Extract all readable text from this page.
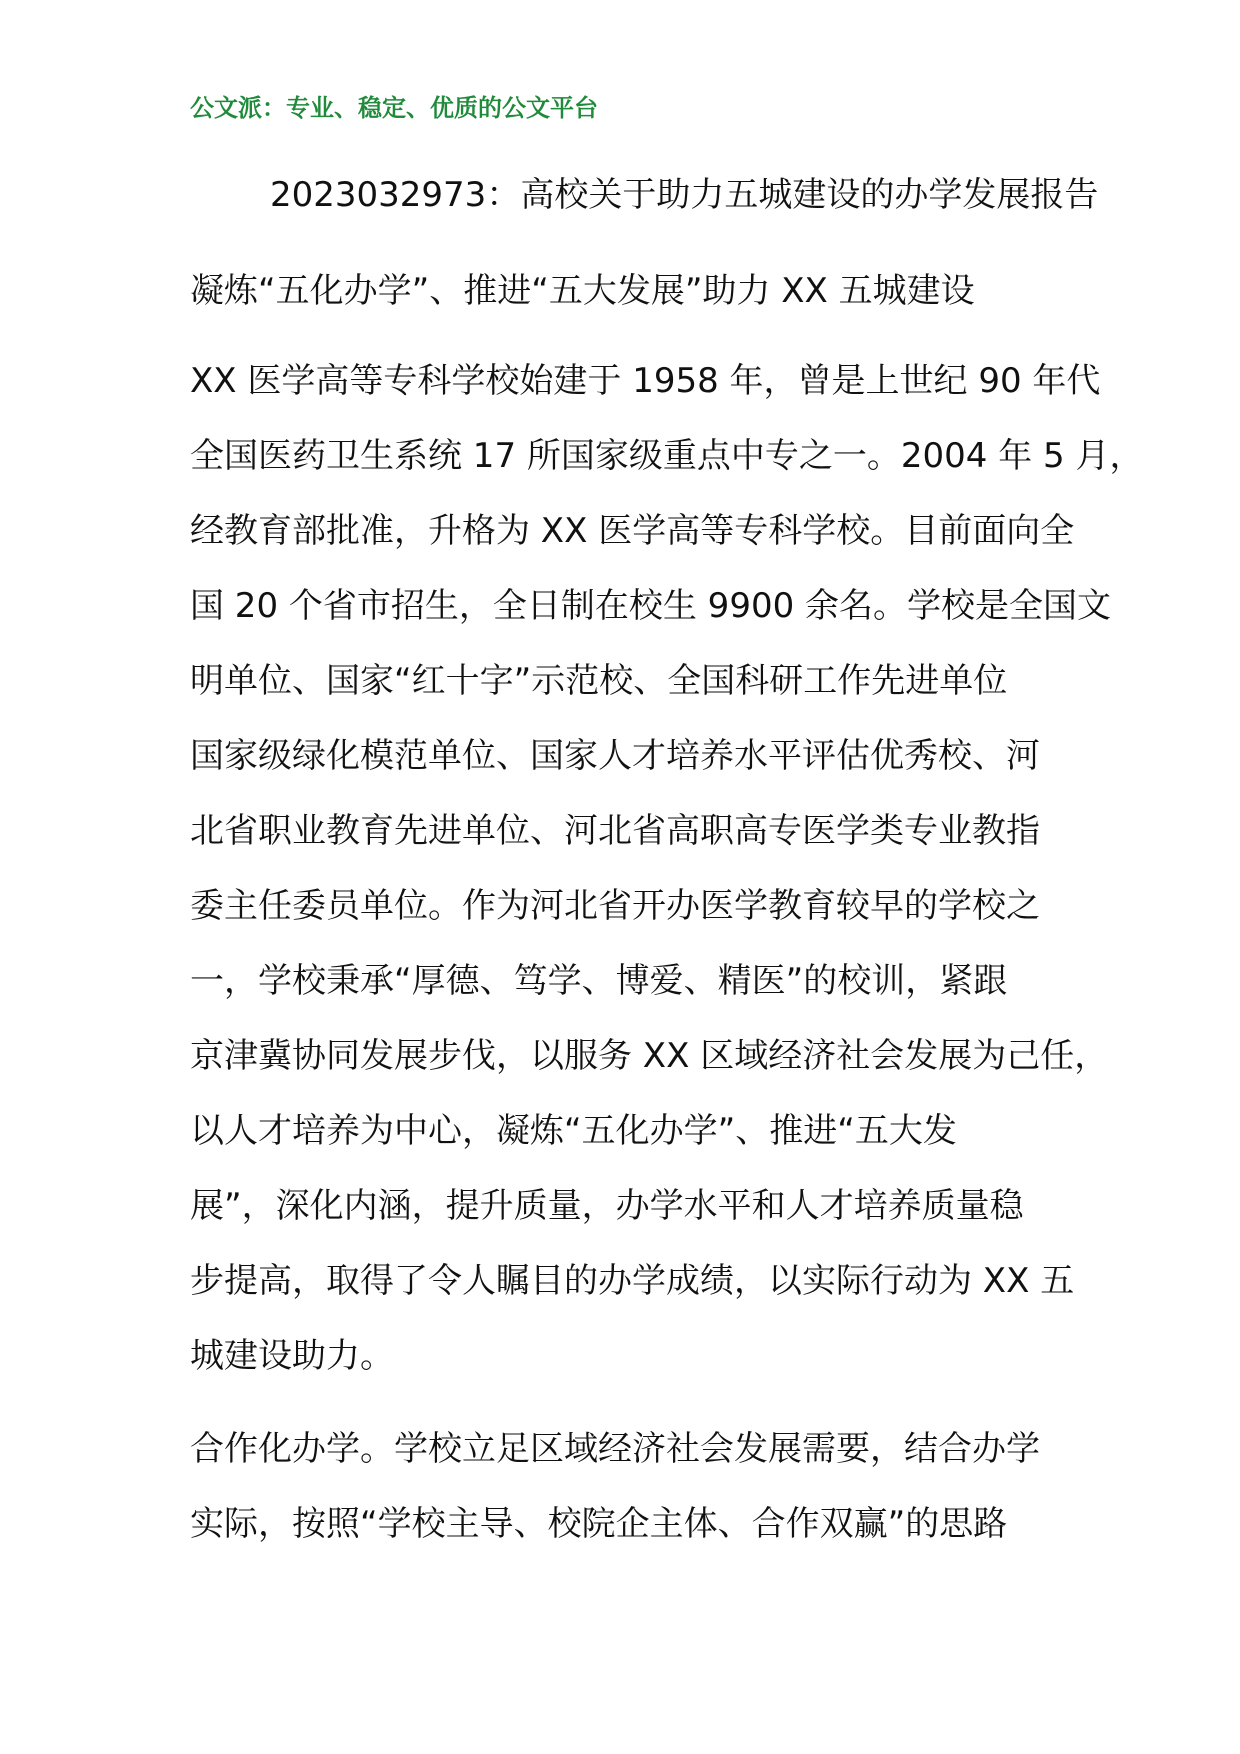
公文派：专业、稳定、优质的公文平台
2023032973：高校关于助力五城建设的办学发展报告
凝炼“五化办学”、推进“五大发展”助力 XX 五城建设
XX 医学高等专科学校始建于 1958 年，曾是上世纪 90 年代
全国医药卫生系统 17 所国家级重点中专之一。2004 年 5 月，
经教育部批准，升格为 XX 医学高等专科学校。目前面向全
国 20 个省市招生，全日制在校生 9900 余名。学校是全国文
明单位、国家“红十字”示范校、全国科研工作先进单位
国家级绿化模范单位、国家人才培养水平评估优秀校、河
北省职业教育先进单位、河北省高职高专医学类专业教指
委主任委员单位。作为河北省开办医学教育较早的学校之
一，学校秉承“厚德、笃学、博爱、精医”的校训，紧跟
京津冀协同发展步伐，以服务 XX 区域经济社会发展为己任，
以人才培养为中心，凝炼“五化办学”、推进“五大发
展”，深化内涵，提升质量，办学水平和人才培养质量稳
步提高，取得了令人瞩目的办学成绩，以实际行动为 XX 五
城建设助力。
合作化办学。学校立足区域经济社会发展需要，结合办学
实际，按照“学校主导、校院企主体、合作双赢”的思路
